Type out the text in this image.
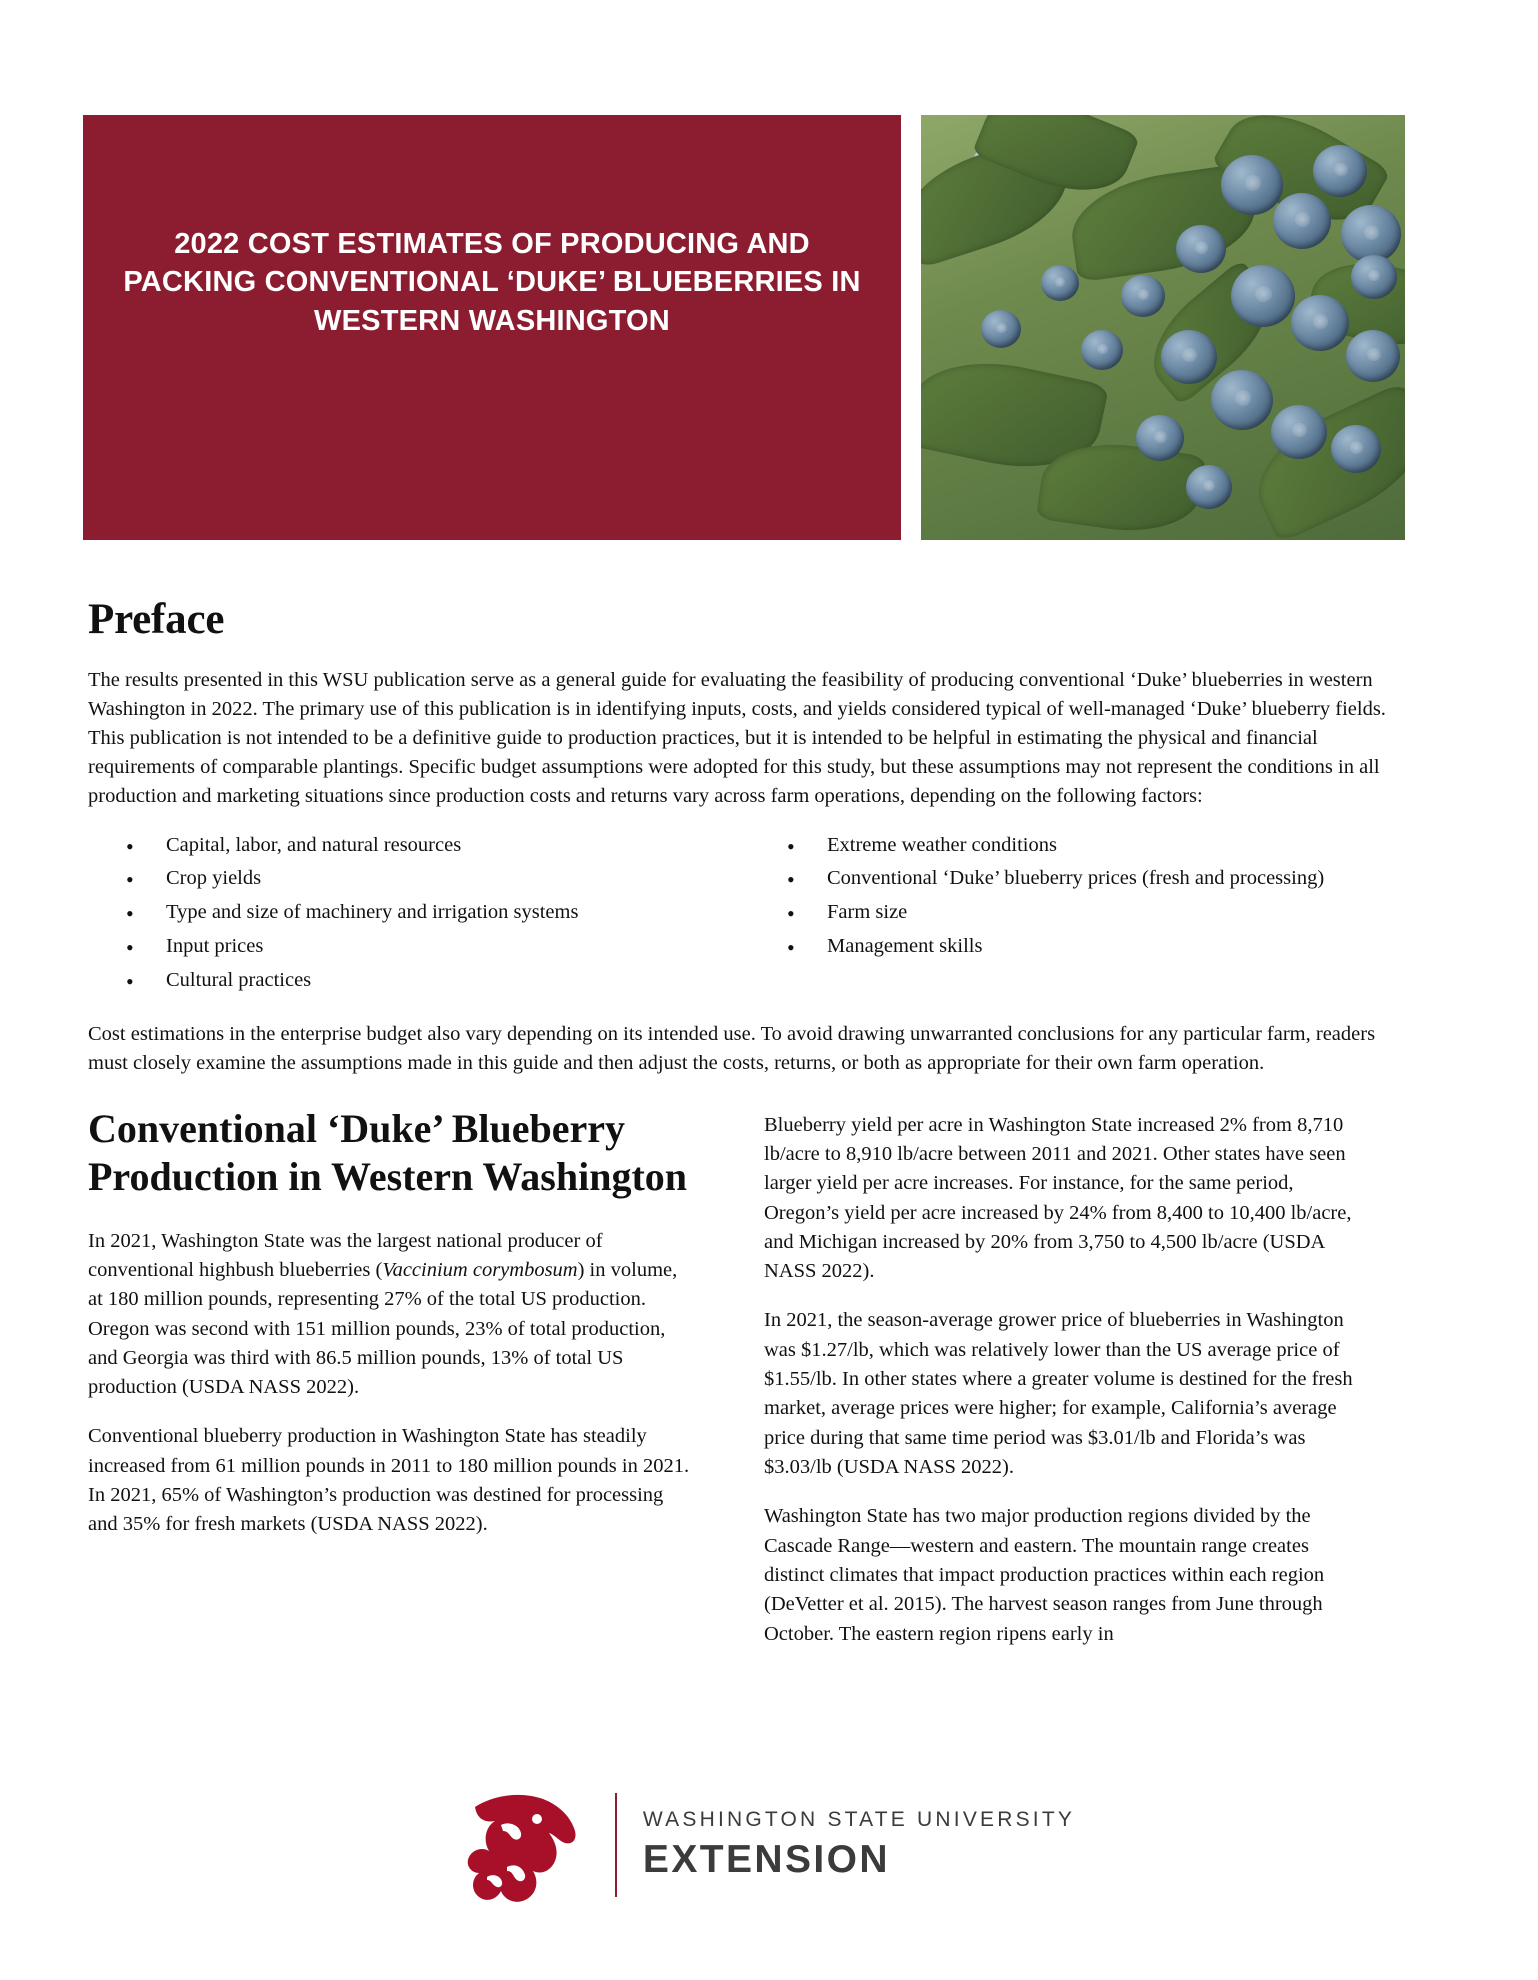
2022 COST ESTIMATES OF PRODUCING AND PACKING CONVENTIONAL ‘DUKE’ BLUEBERRIES IN WESTERN WASHINGTON
Preface

The results presented in this WSU publication serve as a general guide for evaluating the feasibility of producing conventional ‘Duke’ blueberries in western Washington in 2022. The primary use of this publication is in identifying inputs, costs, and yields considered typical of well-managed ‘Duke’ blueberry fields. This publication is not intended to be a definitive guide to production practices, but it is intended to be helpful in estimating the physical and financial requirements of comparable plantings. Specific budget assumptions were adopted for this study, but these assumptions may not represent the conditions in all production and marketing situations since production costs and returns vary across farm operations, depending on the following factors:

• Capital, labor, and natural resources
• Crop yields
• Type and size of machinery and irrigation systems
• Input prices
• Cultural practices
• Extreme weather conditions
• Conventional ‘Duke’ blueberry prices (fresh and processing)
• Farm size
• Management skills

Cost estimations in the enterprise budget also vary depending on its intended use. To avoid drawing unwarranted conclusions for any particular farm, readers must closely examine the assumptions made in this guide and then adjust the costs, returns, or both as appropriate for their own farm operation.

Conventional ‘Duke’ Blueberry Production in Western Washington

In 2021, Washington State was the largest national producer of conventional highbush blueberries (Vaccinium corymbosum) in volume, at 180 million pounds, representing 27% of the total US production. Oregon was second with 151 million pounds, 23% of total production, and Georgia was third with 86.5 million pounds, 13% of total US production (USDA NASS 2022).

Conventional blueberry production in Washington State has steadily increased from 61 million pounds in 2011 to 180 million pounds in 2021. In 2021, 65% of Washington’s production was destined for processing and 35% for fresh markets (USDA NASS 2022).

Blueberry yield per acre in Washington State increased 2% from 8,710 lb/acre to 8,910 lb/acre between 2011 and 2021. Other states have seen larger yield per acre increases. For instance, for the same period, Oregon’s yield per acre increased by 24% from 8,400 to 10,400 lb/acre, and Michigan increased by 20% from 3,750 to 4,500 lb/acre (USDA NASS 2022).

In 2021, the season-average grower price of blueberries in Washington was $1.27/lb, which was relatively lower than the US average price of $1.55/lb. In other states where a greater volume is destined for the fresh market, average prices were higher; for example, California’s average price during that same time period was $3.01/lb and Florida’s was $3.03/lb (USDA NASS 2022).

Washington State has two major production regions divided by the Cascade Range—western and eastern. The mountain range creates distinct climates that impact production practices within each region (DeVetter et al. 2015). The harvest season ranges from June through October. The eastern region ripens early in

WASHINGTON STATE UNIVERSITY
EXTENSION
